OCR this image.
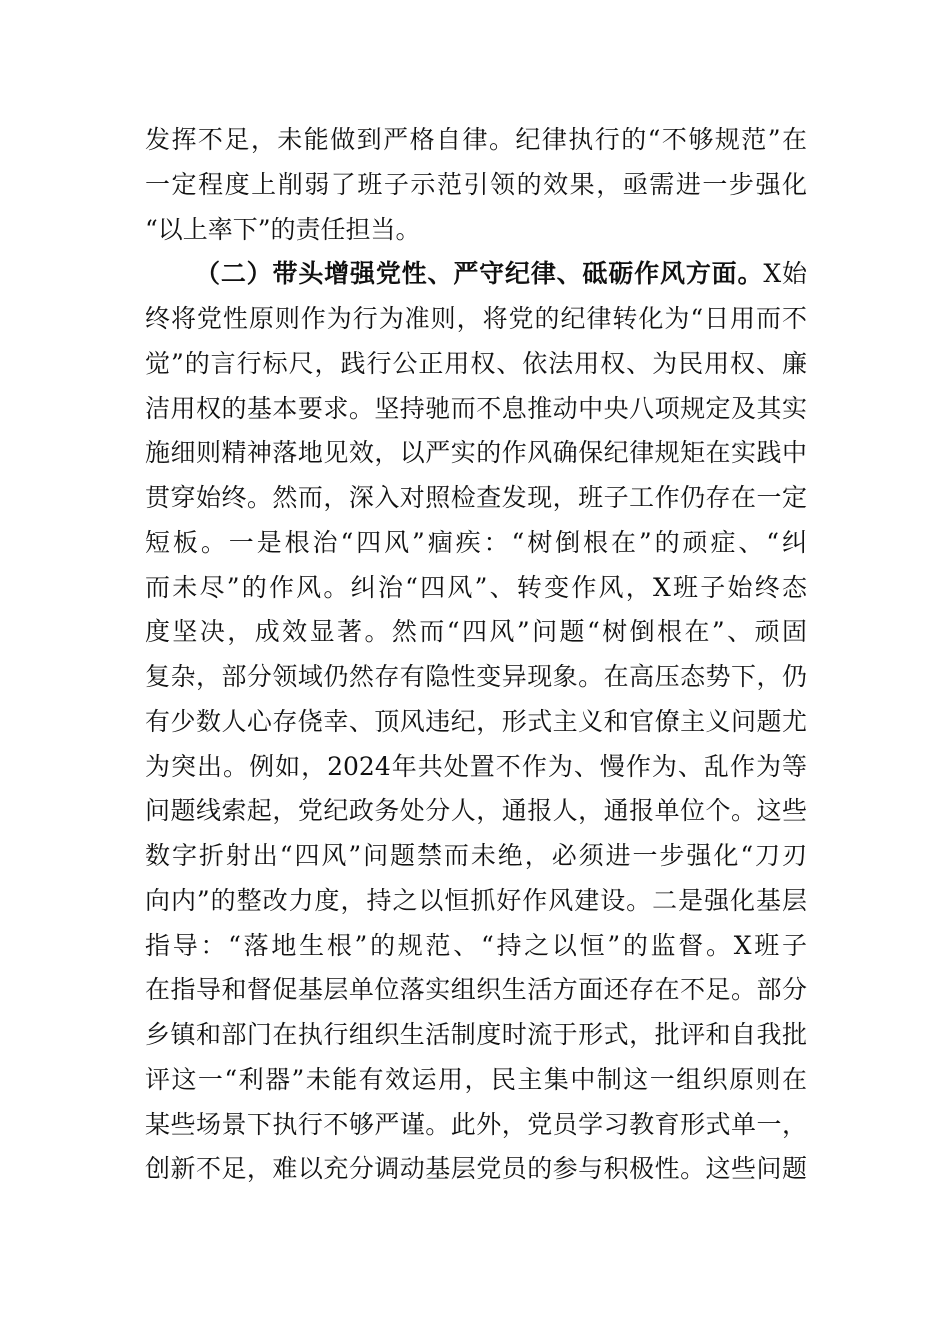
发挥不足，未能做到严格自律。纪律执行的“不够规范”在
一定程度上削弱了班子示范引领的效果，亟需进一步强化
“以上率下”的责任担当。
（二）带头增强党性、严守纪律、砥砺作风方面。X始
终将党性原则作为行为准则，将党的纪律转化为“日用而不
觉”的言行标尺，践行公正用权、依法用权、为民用权、廉
洁用权的基本要求。坚持驰而不息推动中央八项规定及其实
施细则精神落地见效，以严实的作风确保纪律规矩在实践中
贯穿始终。然而，深入对照检查发现，班子工作仍存在一定
短板。一是根治“四风”痼疾：“树倒根在”的顽症、“纠
而未尽”的作风。纠治“四风”、转变作风，X班子始终态
度坚决，成效显著。然而“四风”问题“树倒根在”、顽固
复杂，部分领域仍然存有隐性变异现象。在高压态势下，仍
有少数人心存侥幸、顶风违纪，形式主义和官僚主义问题尤
为突出。例如，2024年共处置不作为、慢作为、乱作为等
问题线索起，党纪政务处分人，通报人，通报单位个。这些
数字折射出“四风”问题禁而未绝，必须进一步强化“刀刃
向内”的整改力度，持之以恒抓好作风建设。二是强化基层
指导：“落地生根”的规范、“持之以恒”的监督。X班子
在指导和督促基层单位落实组织生活方面还存在不足。部分
乡镇和部门在执行组织生活制度时流于形式，批评和自我批
评这一“利器”未能有效运用，民主集中制这一组织原则在
某些场景下执行不够严谨。此外，党员学习教育形式单一，
创新不足，难以充分调动基层党员的参与积极性。这些问题
